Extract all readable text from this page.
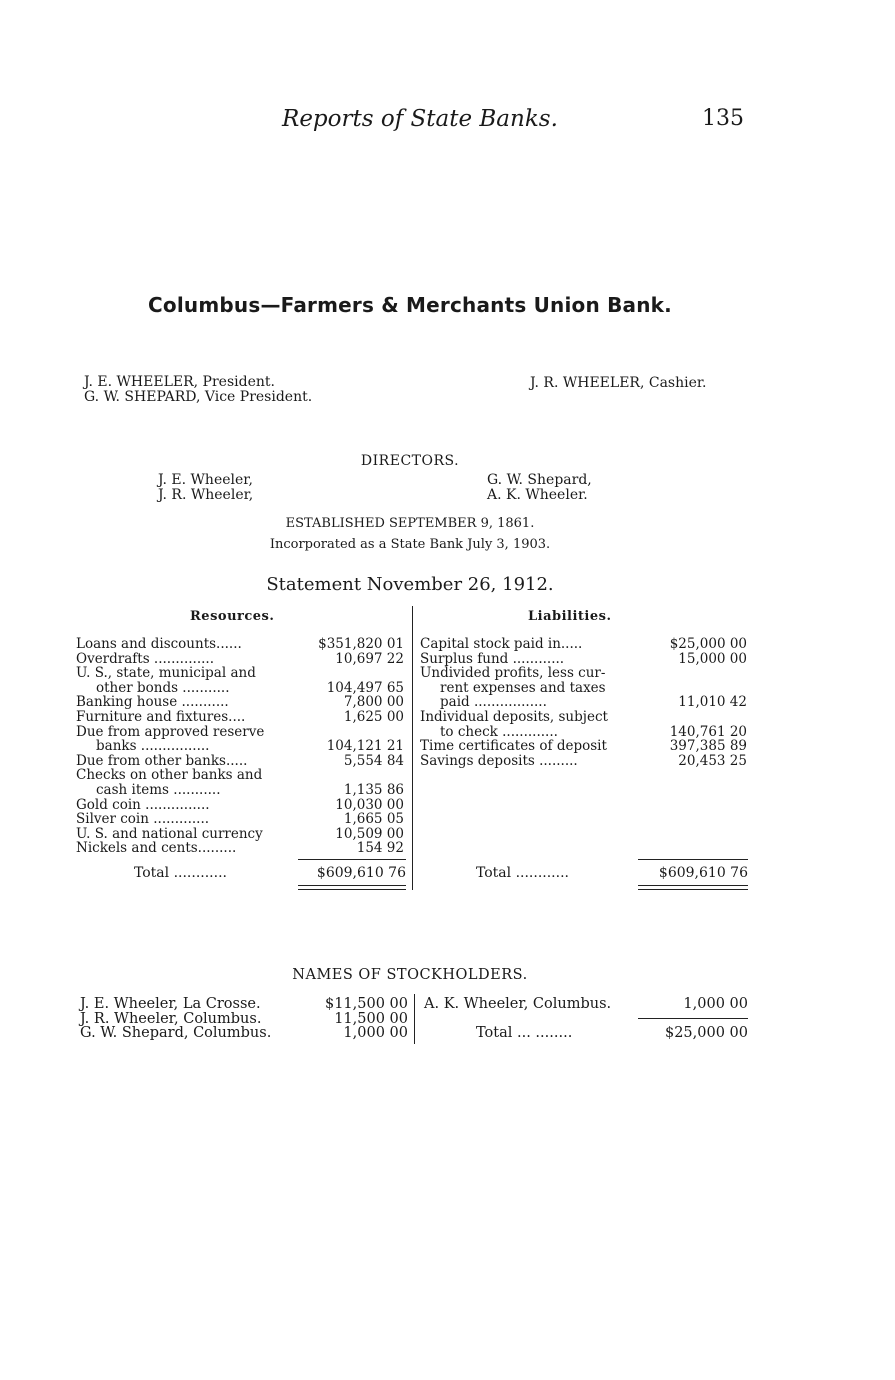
Reports of State Banks.	135
Columbus—Farmers & Merchants Union Bank.
J. E. WHEELER, President.
G. W. SHEPARD, Vice President.
J. R. WHEELER, Cashier.
DIRECTORS.
J. E. Wheeler,
J. R. Wheeler,
G. W. Shepard,
A. K. Wheeler.
ESTABLISHED SEPTEMBER 9, 1861.
Incorporated as a State Bank July 3, 1903.
Statement November 26, 1912.
Resources.	Liabilities.
Loans and discounts......	$351,820 01
Overdrafts ..............	10,697 22
U. S., state, municipal and
other bonds ...........	104,497 65
Banking house ...........	7,800 00
Furniture and fixtures....	1,625 00
Due from approved reserve
banks ................	104,121 21
Due from other banks.....	5,554 84
Checks on other banks and
cash items ...........	1,135 86
Gold coin ...............	10,030 00
Silver coin .............	1,665 05
U. S. and national currency	10,509 00
Nickels and cents.........	154 92
Total ............	$609,610 76
Capital stock paid in.....	$25,000 00
Surplus fund ............	15,000 00
Undivided profits, less cur-
rent expenses and taxes
paid .................	11,010 42
Individual deposits, subject
to check .............	140,761 20
Time certificates of deposit	397,385 89
Savings deposits .........	20,453 25
Total ............	$609,610 76
NAMES OF STOCKHOLDERS.
J. E. Wheeler, La Crosse.	$11,500 00
J. R. Wheeler, Columbus.	11,500 00
G. W. Shepard, Columbus.	1,000 00
A. K. Wheeler, Columbus.	1,000 00
Total ... ........	$25,000 00
